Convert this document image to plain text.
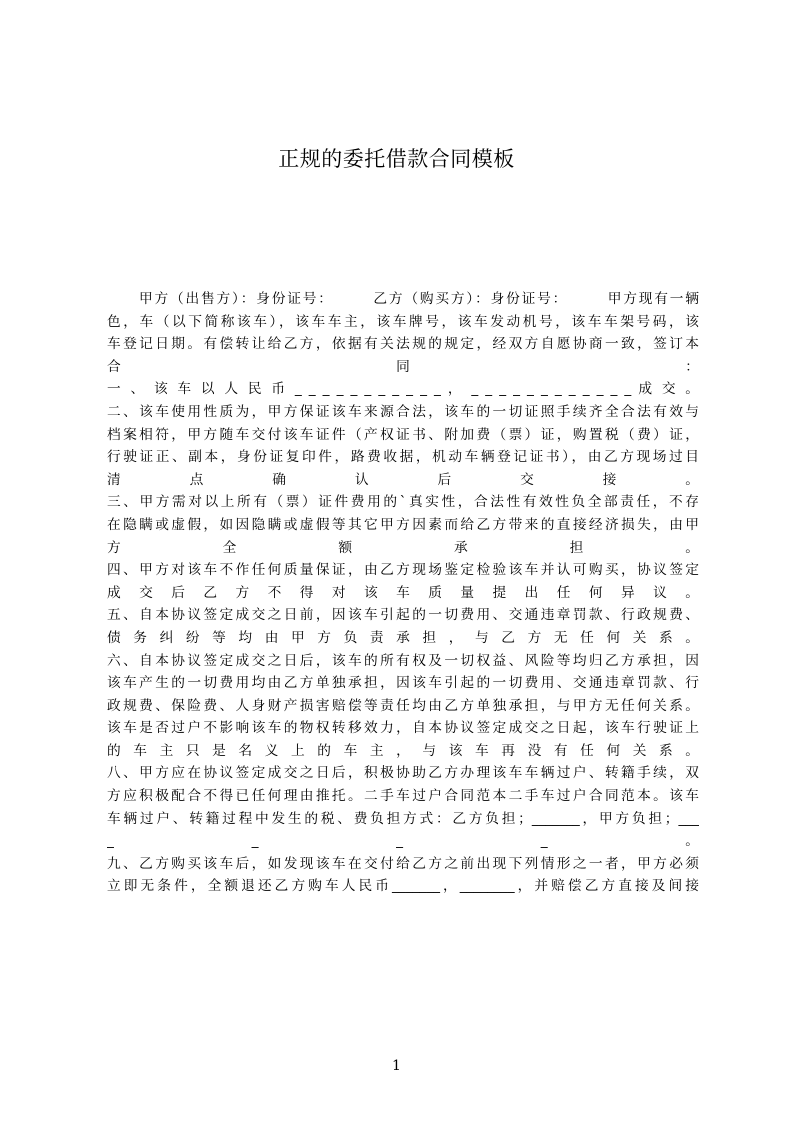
正规的委托借款合同模板
甲方（出售方）：身份证号：　　　乙方（购买方）：身份证号：　　　甲方现有一辆
色，车（以下简称该车），该车车主，该车牌号，该车发动机号，该车车架号码，该
车登记日期。有偿转让给乙方，依据有关法规的规定，经双方自愿协商一致，签订本
合 同 ：
一 、 该 车 以 人 民 币 _ _ _ _ _ _ _ _ _ _ _ ， _ _ _ _ _ _ _ _ _ _ _ _ 成 交 。
二、该车使用性质为，甲方保证该车来源合法，该车的一切证照手续齐全合法有效与
档案相符，甲方随车交付该车证件（产权证书、附加费（票）证，购置税（费）证，
行驶证正、副本，身份证复印件，路费收据，机动车辆登记证书），由乙方现场过目
清 点 确 认 后 交 接 。
三、甲方需对以上所有（票）证件费用的`真实性，合法性有效性负全部责任，不存
在隐瞒或虚假，如因隐瞒或虚假等其它甲方因素而给乙方带来的直接经济损失，由甲
方 全 额 承 担 。
四、甲方对该车不作任何质量保证，由乙方现场鉴定检验该车并认可购买，协议签定
成 交 后 乙 方 不 得 对 该 车 质 量 提 出 任 何 异 议 。
五、自本协议签定成交之日前，因该车引起的一切费用、交通违章罚款、行政规费、
债 务 纠 纷 等 均 由 甲 方 负 责 承 担 ， 与 乙 方 无 任 何 关 系 。
六、自本协议签定成交之日后，该车的所有权及一切权益、风险等均归乙方承担，因
该车产生的一切费用均由乙方单独承担，因该车引起的一切费用、交通违章罚款、行
政规费、保险费、人身财产损害赔偿等责任均由乙方单独承担，与甲方无任何关系。
该车是否过户不影响该车的物权转移效力，自本协议签定成交之日起，该车行驶证上
的 车 主 只 是 名 义 上 的 车 主 ， 与 该 车 再 没 有 任 何 关 系 。
八、甲方应在协议签定成交之日后，积极协助乙方办理该车车辆过户、转籍手续，双
方应积极配合不得已任何理由推托。二手车过户合同范本二手车过户合同范本。该车
车辆过户、转籍过程中发生的税、费负担方式：乙方负担；_______，甲方负担；___
_ _ _ _ 。
九、乙方购买该车后，如发现该车在交付给乙方之前出现下列情形之一者，甲方必须
立即无条件，全额退还乙方购车人民币_______，________，并赔偿乙方直接及间接
1
